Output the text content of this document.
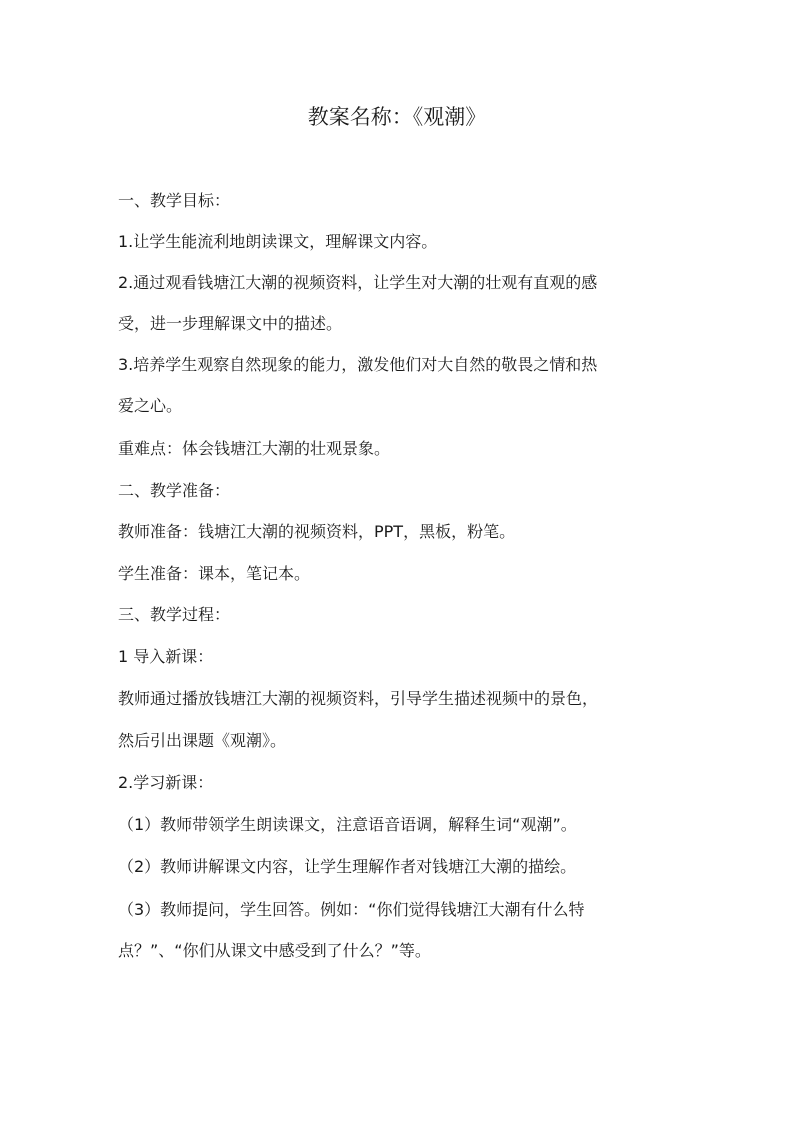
教案名称：《观潮》
一、教学目标：
1.让学生能流利地朗读课文，理解课文内容。
2.通过观看钱塘江大潮的视频资料，让学生对大潮的壮观有直观的感
受，进一步理解课文中的描述。
3.培养学生观察自然现象的能力，激发他们对大自然的敬畏之情和热
爱之心。
重难点：体会钱塘江大潮的壮观景象。
二、教学准备：
教师准备：钱塘江大潮的视频资料，PPT，黑板，粉笔。
学生准备：课本，笔记本。
三、教学过程：
1 导入新课：
教师通过播放钱塘江大潮的视频资料，引导学生描述视频中的景色，
然后引出课题《观潮》。
2.学习新课：
（1）教师带领学生朗读课文，注意语音语调，解释生词“观潮”。
（2）教师讲解课文内容，让学生理解作者对钱塘江大潮的描绘。
（3）教师提问，学生回答。例如：“你们觉得钱塘江大潮有什么特
点？”、“你们从课文中感受到了什么？”等。
